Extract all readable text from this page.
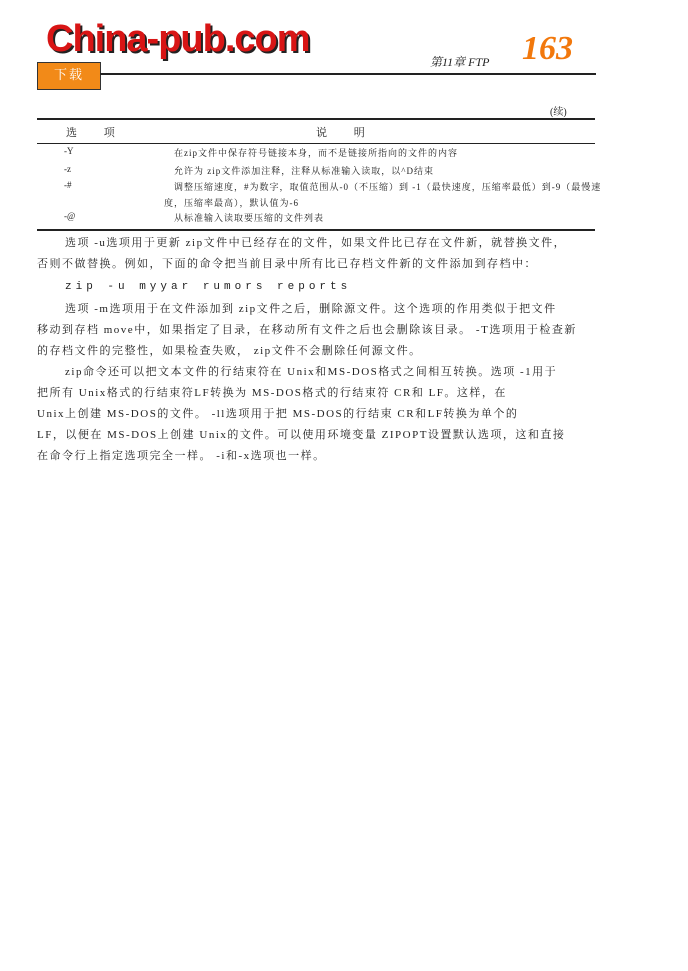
China-pub.com
下载
第11章 FTP 163
(续)
选 项	说 明
-Y	在zip文件中保存符号链接本身，而不是链接所指向的文件的内容
-z	允许为 zip文件添加注释，注释从标准输入读取，以^D结束
-#	调整压缩速度，#为数字，取值范围从-0（不压缩）到 -1（最快速度，压缩率最低）到-9（最慢速
度，压缩率最高），默认值为-6
-@	从标准输入读取要压缩的文件列表
选项 -u选项用于更新 zip文件中已经存在的文件，如果文件比已存在文件新，就替换文件，
否则不做替换。例如，下面的命令把当前目录中所有比已存档文件新的文件添加到存档中：
zip -u myyar rumors reports
选项 -m选项用于在文件添加到 zip文件之后，删除源文件。这个选项的作用类似于把文件
移动到存档 move中，如果指定了目录，在移动所有文件之后也会删除该目录。 -T选项用于检查新
的存档文件的完整性，如果检查失败， zip文件不会删除任何源文件。
zip命令还可以把文本文件的行结束符在 Unix和MS-DOS格式之间相互转换。选项 -1用于
把所有 Unix格式的行结束符LF转换为 MS-DOS格式的行结束符 CR和 LF。这样，在
Unix上创建 MS-DOS的文件。 -ll选项用于把 MS-DOS的行结束 CR和LF转换为单个的
LF，以便在 MS-DOS上创建 Unix的文件。可以使用环境变量 ZIPOPT设置默认选项，这和直接
在命令行上指定选项完全一样。 -i和-x选项也一样。
